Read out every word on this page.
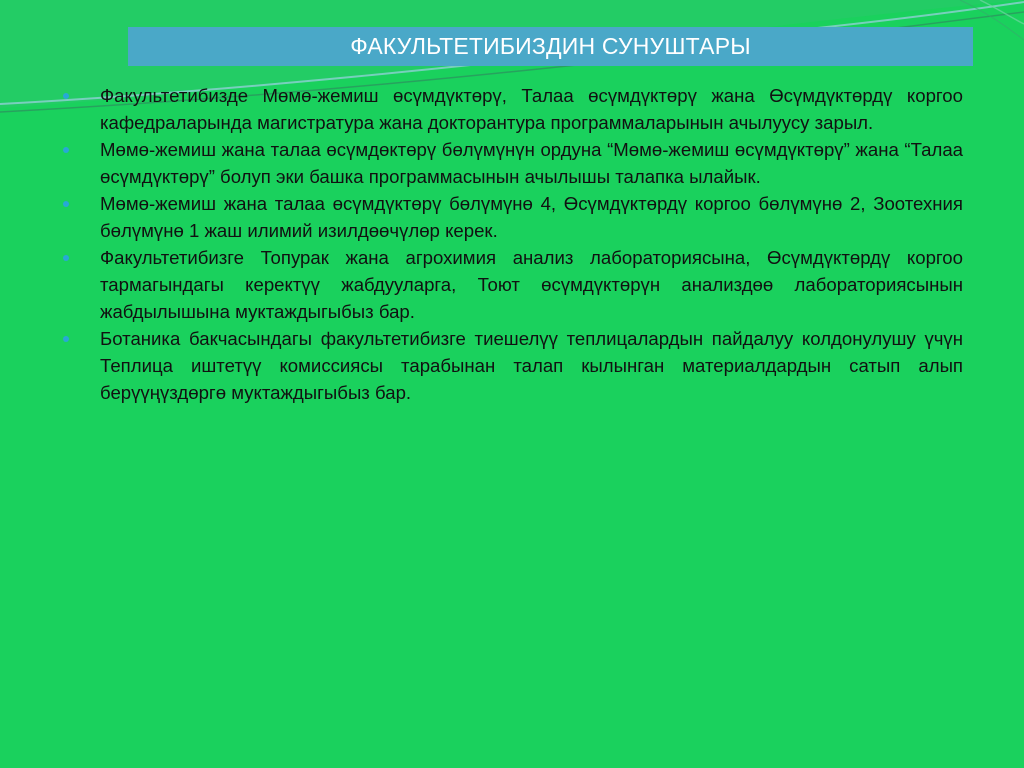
ФАКУЛЬТЕТИБИЗДИН СУНУШТАРЫ
Факультетибизде Мөмө-жемиш өсүмдүктөрү, Талаа өсүмдүктөрү жана Өсүмдүктөрдү коргоо кафедраларында магистратура жана докторантура программаларынын ачылуусу зарыл.
Мөмө-жемиш жана талаа өсүмдөктөрү бөлүмүнүн ордуна “Мөмө-жемиш өсүмдүктөрү” жана “Талаа өсүмдүктөрү” болуп эки башка программасынын ачылышы талапка ылайык.
Мөмө-жемиш жана талаа өсүмдүктөрү бөлүмүнө 4, Өсүмдүктөрдү коргоо бөлүмүнө 2, Зоотехния бөлүмүнө 1 жаш илимий изилдөөчүлөр керек.
Факультетибизге Топурак жана агрохимия анализ лабораториясына, Өсүмдүктөрдү коргоо тармагындагы керектүү жабдууларга, Тоют өсүмдүктөрүн анализдөө лабораториясынын жабдылышына муктаждыгыбыз бар.
Ботаника бакчасындагы факультетибизге тиешелүү теплицалардын пайдалуу колдонулушу үчүн Теплица иштетүү комиссиясы тарабынан талап кылынган материалдардын сатып алып берүүңүздөргө муктаждыгыбыз бар.
